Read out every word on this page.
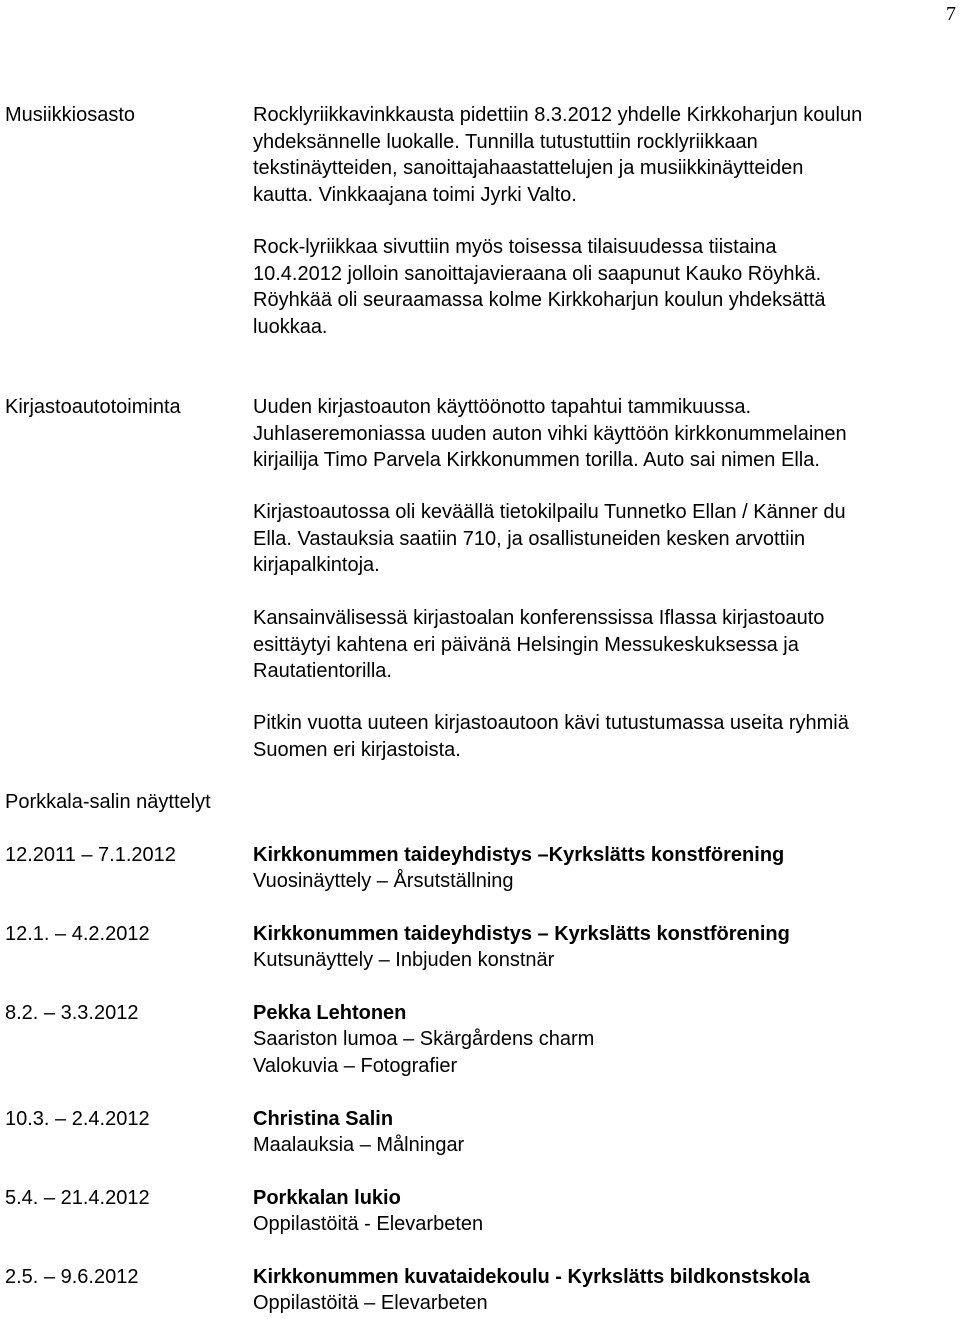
7
Musiikkiosasto	Rocklyriikkavinkkausta pidettiin 8.3.2012 yhdelle Kirkkoharjun koulun
yhdeksännelle luokalle. Tunnilla tutustuttiin rocklyriikkaan
tekstinäytteiden, sanoittajahaastattelujen ja musiikkinäytteiden
kautta. Vinkkaajana toimi Jyrki Valto.
Rock-lyriikkaa sivuttiin myös toisessa tilaisuudessa tiistaina
10.4.2012 jolloin sanoittajavieraana oli saapunut Kauko Röyhkä.
Röyhkää oli seuraamassa kolme Kirkkoharjun koulun yhdeksättä
luokkaa.
Kirjastoautotoiminta	Uuden kirjastoauton käyttöönotto tapahtui tammikuussa.
Juhlaseremoniassa uuden auton vihki käyttöön kirkkonummelainen
kirjailija Timo Parvela Kirkkonummen torilla. Auto sai nimen Ella.
Kirjastoautossa oli keväällä tietokilpailu Tunnetko Ellan / Känner du
Ella. Vastauksia saatiin 710, ja osallistuneiden kesken arvottiin
kirjapalkintoja.
Kansainvälisessä kirjastoalan konferenssissa Iflassa kirjastoauto
esittäytyi kahtena eri päivänä Helsingin Messukeskuksessa ja
Rautatientorilla.
Pitkin vuotta uuteen kirjastoautoon kävi tutustumassa useita ryhmiä
Suomen eri kirjastoista.
Porkkala-salin näyttelyt
12.2011 – 7.1.2012	Kirkkonummen taideyhdistys –Kyrkslätts konstförening
Vuosinäyttely – Årsutställning
12.1. – 4.2.2012	Kirkkonummen taideyhdistys – Kyrkslätts konstförening
Kutsunäyttely – Inbjuden konstnär
8.2. – 3.3.2012	Pekka Lehtonen
Saariston lumoa – Skärgårdens charm
Valokuvia – Fotografier
10.3. – 2.4.2012	Christina Salin
Maalauksia – Målningar
5.4. – 21.4.2012	Porkkalan lukio
Oppilastöitä - Elevarbeten
2.5. – 9.6.2012	Kirkkonummen kuvataidekoulu - Kyrkslätts bildkonstskola
Oppilastöitä – Elevarbeten
